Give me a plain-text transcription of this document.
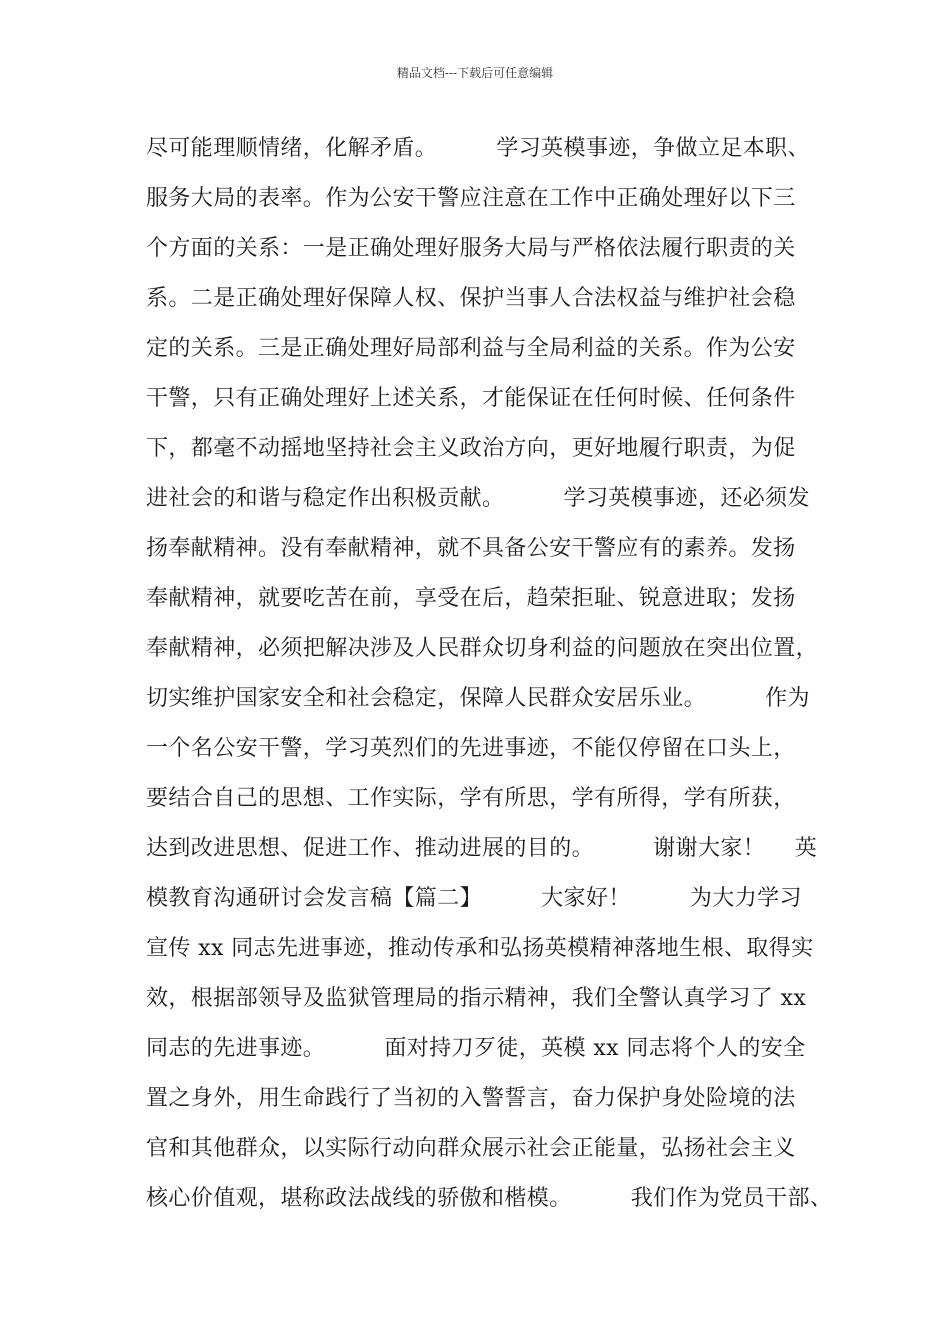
精品文档---下载后可任意编辑
尽可能理顺情绪，化解矛盾。        学习英模事迹，争做立足本职、
服务大局的表率。作为公安干警应注意在工作中正确处理好以下三
个方面的关系：一是正确处理好服务大局与严格依法履行职责的关
系。二是正确处理好保障人权、保护当事人合法权益与维护社会稳
定的关系。三是正确处理好局部利益与全局利益的关系。作为公安
干警，只有正确处理好上述关系，才能保证在任何时候、任何条件
下，都毫不动摇地坚持社会主义政治方向，更好地履行职责，为促
进社会的和谐与稳定作出积极贡献。        学习英模事迹，还必须发
扬奉献精神。没有奉献精神，就不具备公安干警应有的素养。发扬
奉献精神，就要吃苦在前，享受在后，趋荣拒耻、锐意进取；发扬
奉献精神，必须把解决涉及人民群众切身利益的问题放在突出位置，
切实维护国家安全和社会稳定，保障人民群众安居乐业。        作为
一个名公安干警，学习英烈们的先进事迹，不能仅停留在口头上，
要结合自己的思想、工作实际，学有所思，学有所得，学有所获，
达到改进思想、促进工作、推动进展的目的。        谢谢大家！    英
模教育沟通研讨会发言稿【篇二】        大家好！        为大力学习
宣传 xx 同志先进事迹，推动传承和弘扬英模精神落地生根、取得实
效，根据部领导及监狱管理局的指示精神，我们全警认真学习了 xx
同志的先进事迹。        面对持刀歹徒，英模 xx 同志将个人的安全
置之身外，用生命践行了当初的入警誓言，奋力保护身处险境的法
官和其他群众，以实际行动向群众展示社会正能量，弘扬社会主义
核心价值观，堪称政法战线的骄傲和楷模。        我们作为党员干部、
